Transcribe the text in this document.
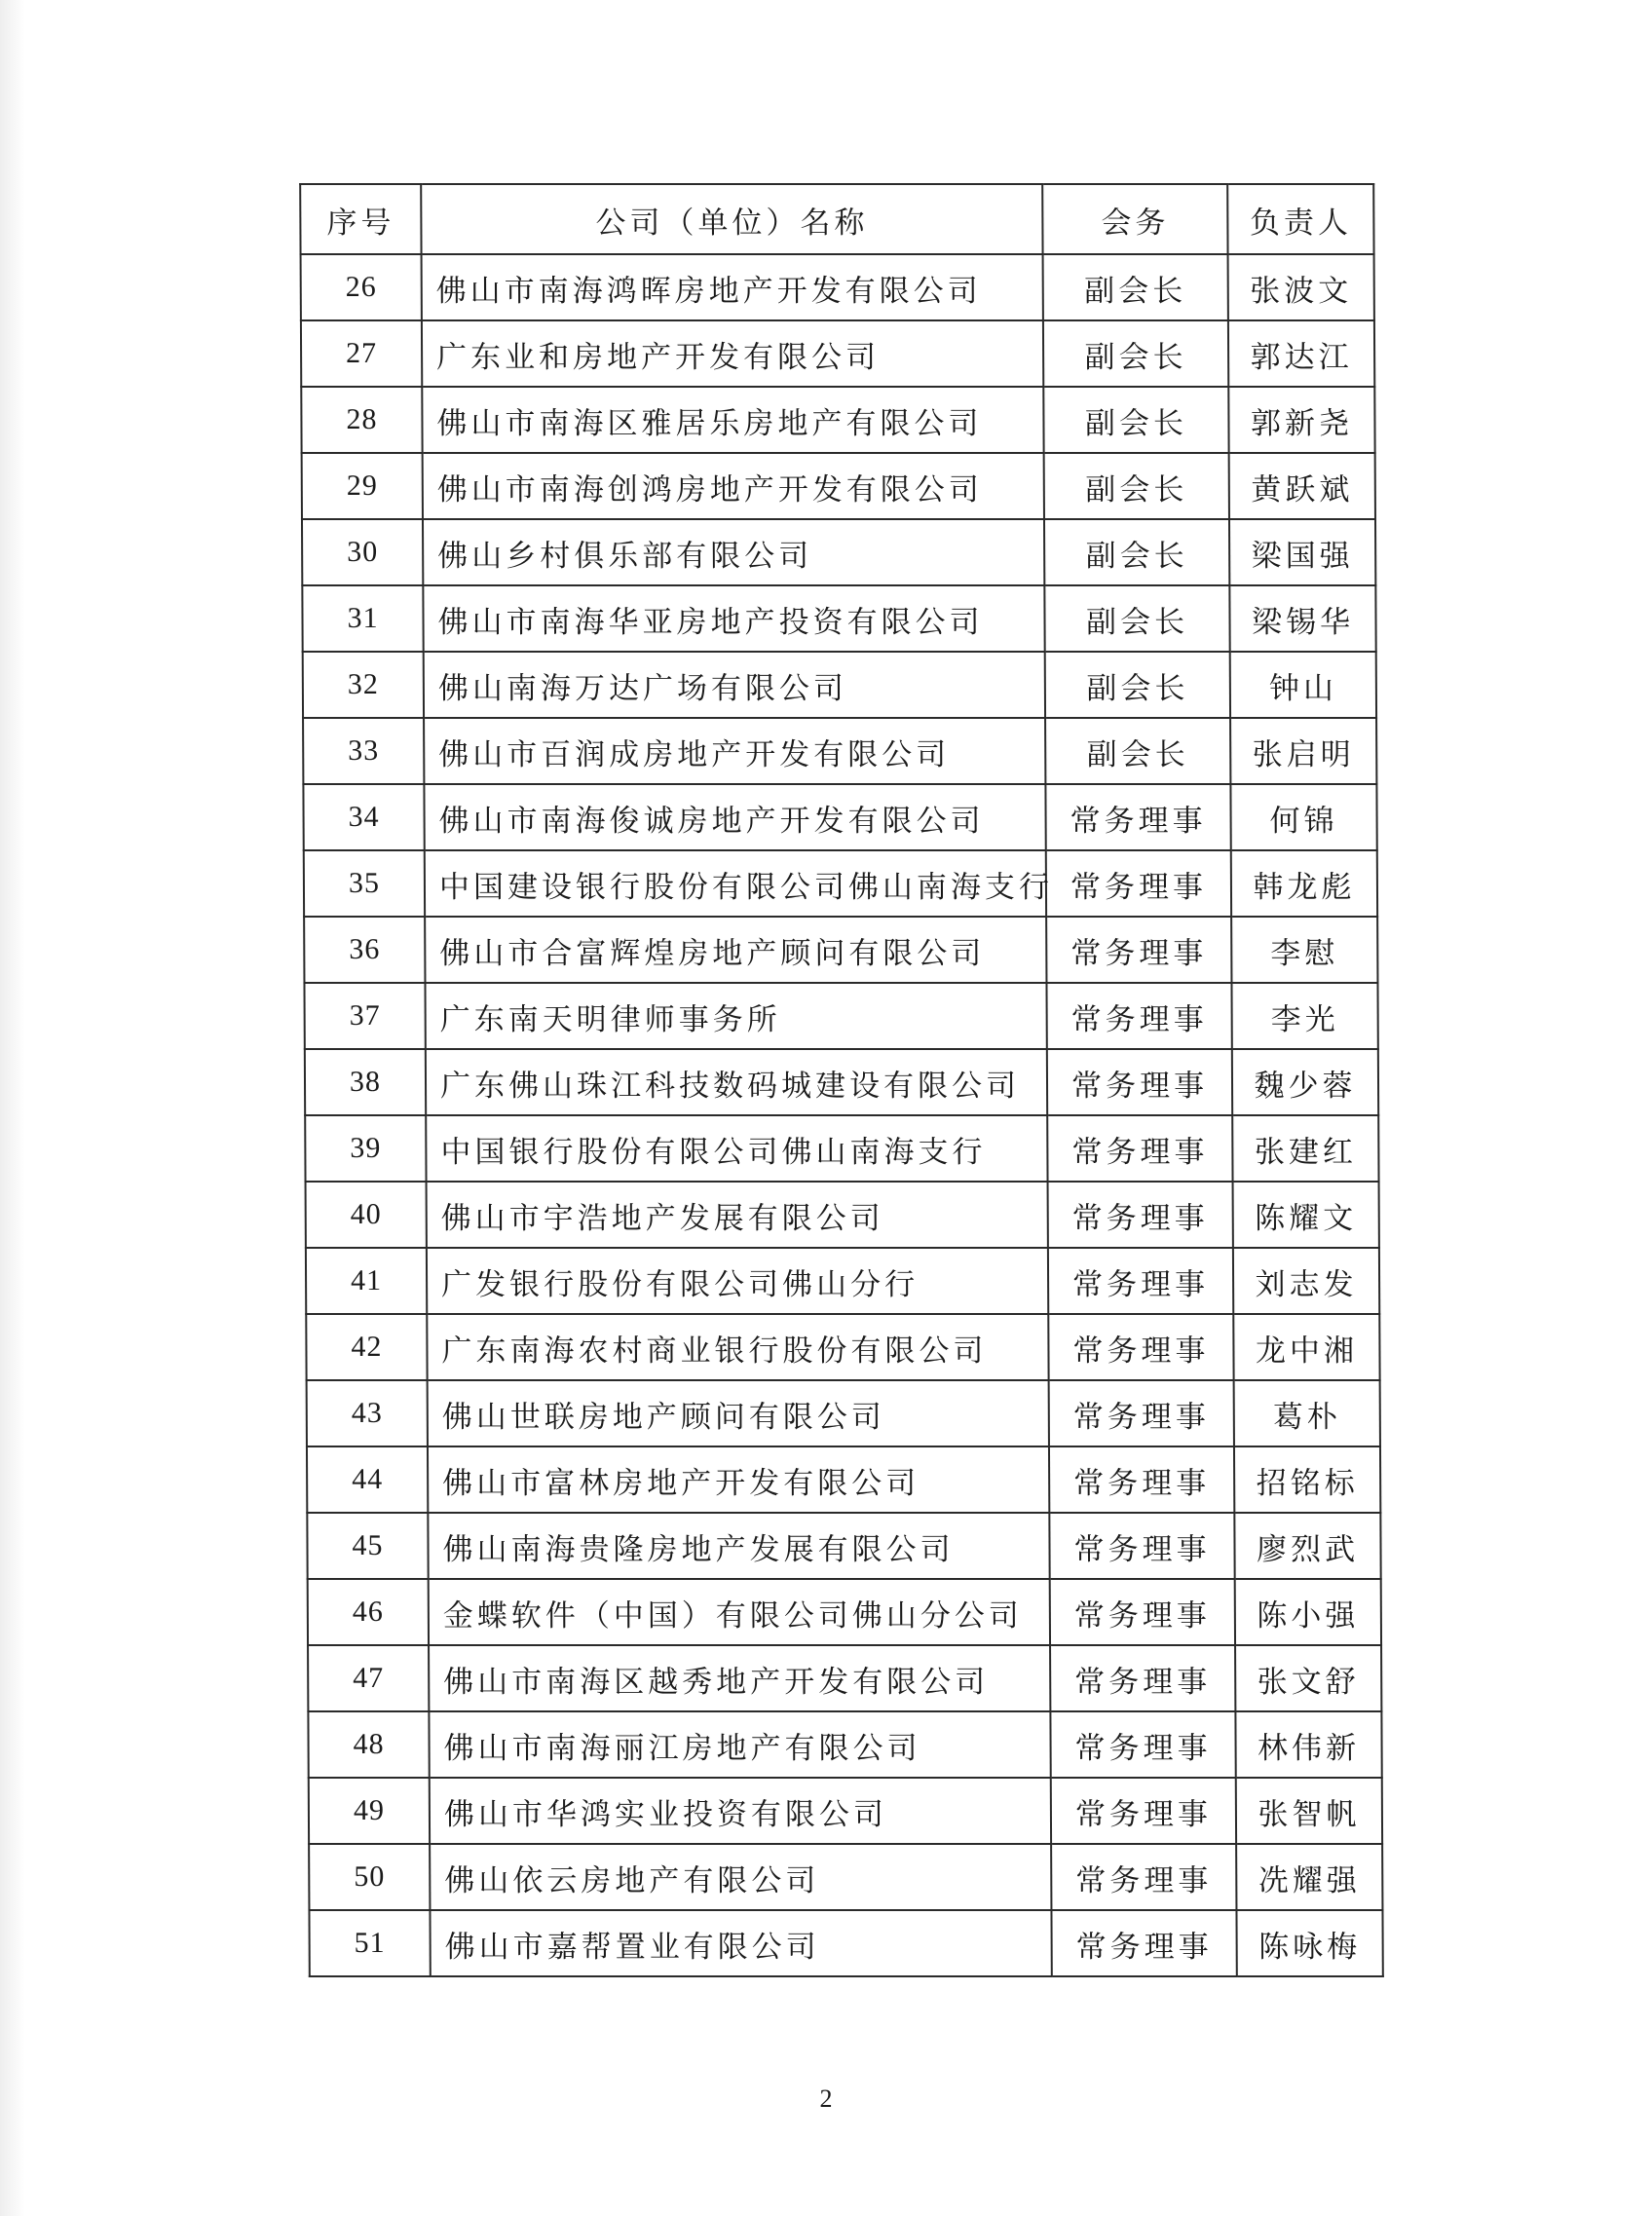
序号	公司（单位）名称	会务	负责人
26	佛山市南海鸿晖房地产开发有限公司	副会长	张波文
27	广东业和房地产开发有限公司	副会长	郭达江
28	佛山市南海区雅居乐房地产有限公司	副会长	郭新尧
29	佛山市南海创鸿房地产开发有限公司	副会长	黄跃斌
30	佛山乡村俱乐部有限公司	副会长	梁国强
31	佛山市南海华亚房地产投资有限公司	副会长	梁锡华
32	佛山南海万达广场有限公司	副会长	钟山
33	佛山市百润成房地产开发有限公司	副会长	张启明
34	佛山市南海俊诚房地产开发有限公司	常务理事	何锦
35	中国建设银行股份有限公司佛山南海支行	常务理事	韩龙彪
36	佛山市合富辉煌房地产顾问有限公司	常务理事	李慰
37	广东南天明律师事务所	常务理事	李光
38	广东佛山珠江科技数码城建设有限公司	常务理事	魏少蓉
39	中国银行股份有限公司佛山南海支行	常务理事	张建红
40	佛山市宇浩地产发展有限公司	常务理事	陈耀文
41	广发银行股份有限公司佛山分行	常务理事	刘志发
42	广东南海农村商业银行股份有限公司	常务理事	龙中湘
43	佛山世联房地产顾问有限公司	常务理事	葛朴
44	佛山市富林房地产开发有限公司	常务理事	招铭标
45	佛山南海贵隆房地产发展有限公司	常务理事	廖烈武
46	金蝶软件（中国）有限公司佛山分公司	常务理事	陈小强
47	佛山市南海区越秀地产开发有限公司	常务理事	张文舒
48	佛山市南海丽江房地产有限公司	常务理事	林伟新
49	佛山市华鸿实业投资有限公司	常务理事	张智帆
50	佛山依云房地产有限公司	常务理事	冼耀强
51	佛山市嘉帮置业有限公司	常务理事	陈咏梅
2
